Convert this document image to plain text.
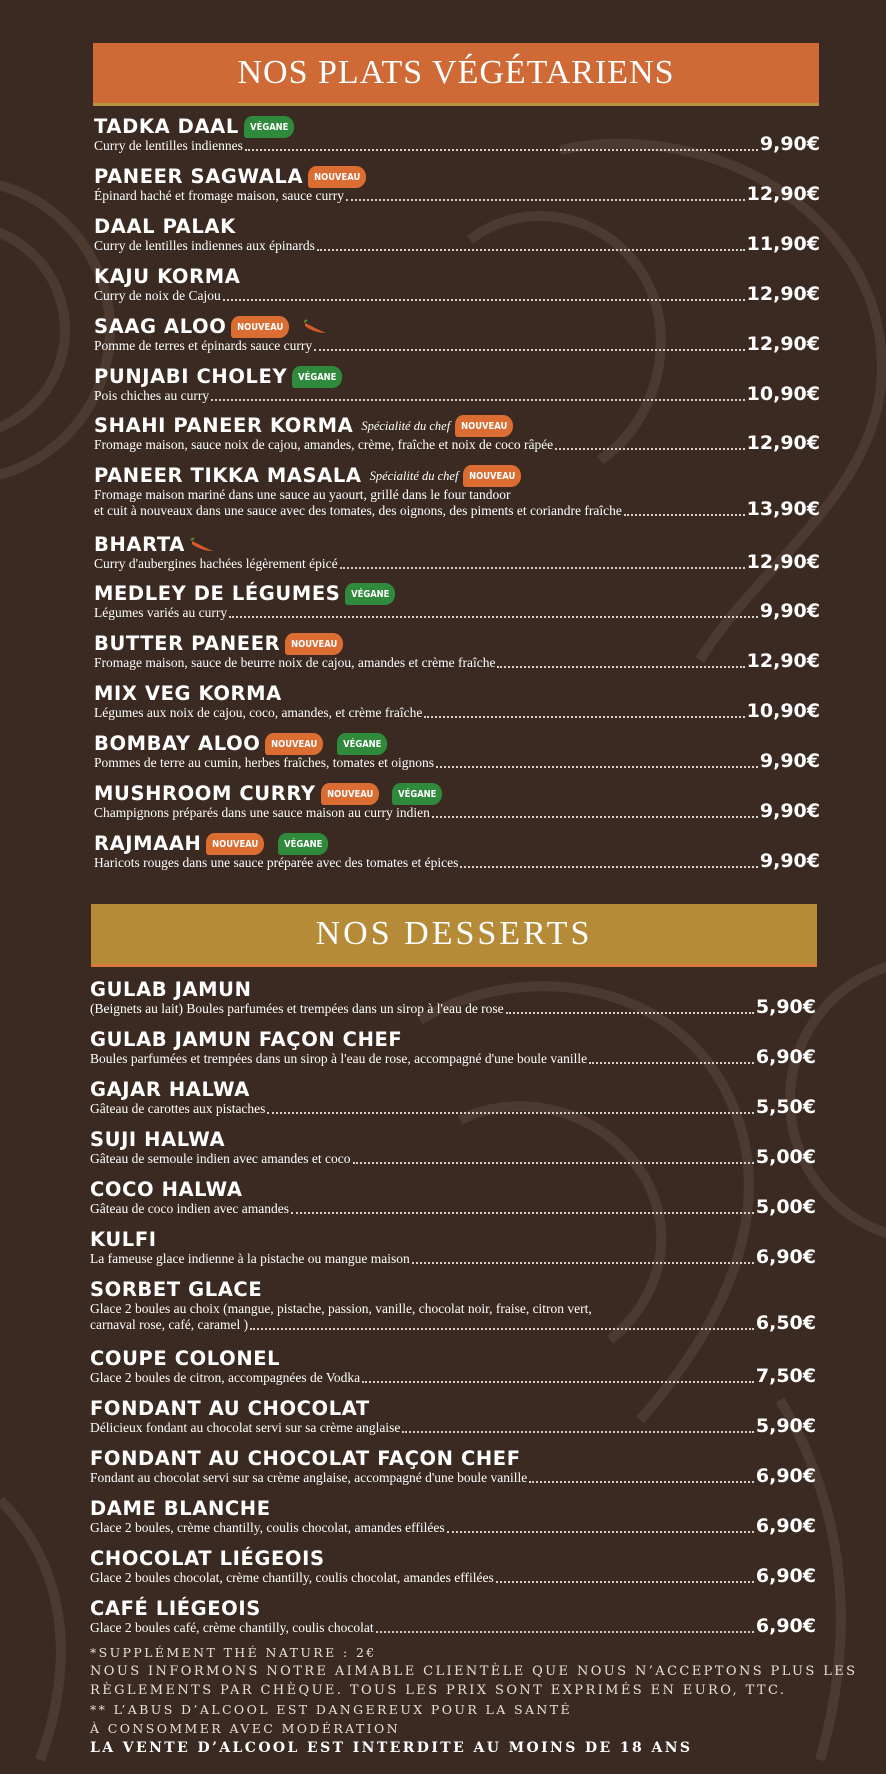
NOS PLATS VÉGÉTARIENS
TADKA DAAL	VÉGANE
Curry de lentilles indiennes	9,90€
PANEER SAGWALA	NOUVEAU
Épinard haché et fromage maison, sauce curry	12,90€
DAAL PALAK
Curry de lentilles indiennes aux épinards	11,90€
KAJU KORMA
Curry de noix de Cajou	12,90€
SAAG ALOO	NOUVEAU
Pomme de terres et épinards sauce curry	12,90€
PUNJABI CHOLEY	VÉGANE
Pois chiches au curry	10,90€
SHAHI PANEER KORMA Spécialité du chef	NOUVEAU
Fromage maison, sauce noix de cajou, amandes, crème, fraîche et noix de coco râpée	12,90€
PANEER TIKKA MASALA Spécialité du chef	NOUVEAU
Fromage maison mariné dans une sauce au yaourt, grillé dans le four tandoor
et cuit à nouveaux dans une sauce avec des tomates, des oignons, des piments et coriandre fraîche	13,90€
BHARTA
Curry d'aubergines hachées légèrement épicé	12,90€
MEDLEY DE LÉGUMES	VÉGANE
Légumes variés au curry	9,90€
BUTTER PANEER	NOUVEAU
Fromage maison, sauce de beurre noix de cajou, amandes et crème fraîche	12,90€
MIX VEG KORMA
Légumes aux noix de cajou, coco, amandes, et crème fraîche	10,90€
BOMBAY ALOO	NOUVEAU	VÉGANE
Pommes de terre au cumin, herbes fraîches, tomates et oignons	9,90€
MUSHROOM CURRY	NOUVEAU	VÉGANE
Champignons préparés dans une sauce maison au curry indien	9,90€
RAJMAAH	NOUVEAU	VÉGANE
Haricots rouges dans une sauce préparée avec des tomates et épices	9,90€
NOS DESSERTS
GULAB JAMUN
(Beignets au lait) Boules parfumées et trempées dans un sirop à l'eau de rose	5,90€
GULAB JAMUN FAÇON CHEF
Boules parfumées et trempées dans un sirop à l'eau de rose, accompagné d'une boule vanille	6,90€
GAJAR HALWA
Gâteau de carottes aux pistaches	5,50€
SUJI HALWA
Gâteau de semoule indien avec amandes et coco	5,00€
COCO HALWA
Gâteau de coco indien avec amandes	5,00€
KULFI
La fameuse glace indienne à la pistache ou mangue maison	6,90€
SORBET GLACE
Glace 2 boules au choix (mangue, pistache, passion, vanille, chocolat noir, fraise, citron vert,
carnaval rose, café, caramel )	6,50€
COUPE COLONEL
Glace 2 boules de citron, accompagnées de Vodka	7,50€
FONDANT AU CHOCOLAT
Délicieux fondant au chocolat servi sur sa crème anglaise	5,90€
FONDANT AU CHOCOLAT FAÇON CHEF
Fondant au chocolat servi sur sa crème anglaise, accompagné d'une boule vanille	6,90€
DAME BLANCHE
Glace 2 boules, crème chantilly, coulis chocolat, amandes effilées	6,90€
CHOCOLAT LIÉGEOIS
Glace 2 boules chocolat, crème chantilly, coulis chocolat, amandes effilées	6,90€
CAFÉ LIÉGEOIS
Glace 2 boules café, crème chantilly, coulis chocolat	6,90€
*SUPPLÉMENT THÉ NATURE : 2€
NOUS INFORMONS NOTRE AIMABLE CLIENTÈLE QUE NOUS N’ACCEPTONS PLUS LES
RÈGLEMENTS PAR CHÈQUE. TOUS LES PRIX SONT EXPRIMÉS EN EURO, TTC.
** L’ABUS D’ALCOOL EST DANGEREUX POUR LA SANTÉ
À CONSOMMER AVEC MODÉRATION
LA VENTE D’ALCOOL EST INTERDITE AU MOINS DE 18 ANS
